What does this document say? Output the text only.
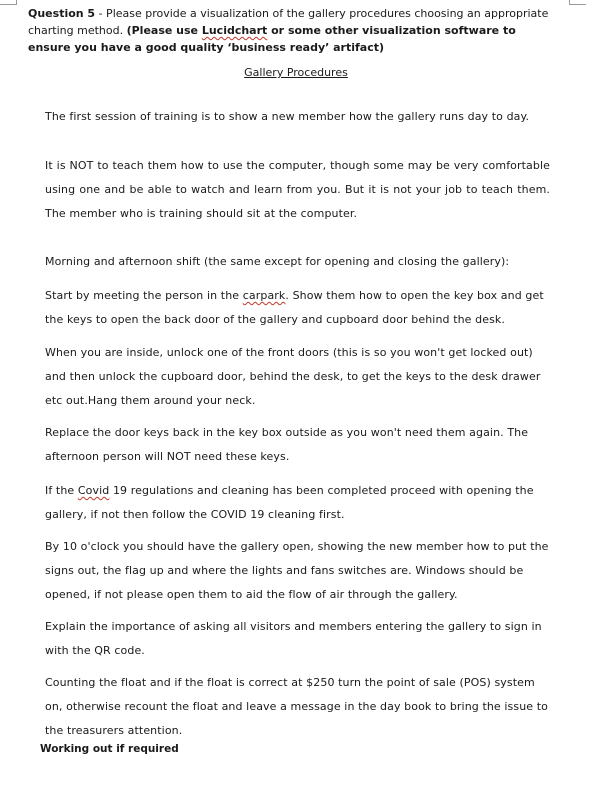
Question 5 - Please provide a visualization of the gallery procedures choosing an appropriate charting method. (Please use Lucidchart or some other visualization software to ensure you have a good quality ‘business ready’ artifact)
Gallery Procedures
The first session of training is to show a new member how the gallery runs day to day.
It is NOT to teach them how to use the computer, though some may be very comfortable using one and be able to watch and learn from you. But it is not your job to teach them. The member who is training should sit at the computer.
Morning and afternoon shift (the same except for opening and closing the gallery):
Start by meeting the person in the carpark. Show them how to open the key box and get the keys to open the back door of the gallery and cupboard door behind the desk.
When you are inside, unlock one of the front doors (this is so you won't get locked out) and then unlock the cupboard door, behind the desk, to get the keys to the desk drawer etc out.Hang them around your neck.
Replace the door keys back in the key box outside as you won't need them again. The afternoon person will NOT need these keys.
If the Covid 19 regulations and cleaning has been completed proceed with opening the gallery, if not then follow the COVID 19 cleaning first.
By 10 o'clock you should have the gallery open, showing the new member how to put the signs out, the flag up and where the lights and fans switches are. Windows should be opened, if not please open them to aid the flow of air through the gallery.
Explain the importance of asking all visitors and members entering the gallery to sign in with the QR code.
Counting the float and if the float is correct at $250 turn the point of sale (POS) system on, otherwise recount the float and leave a message in the day book to bring the issue to the treasurers attention.
Working out if required
